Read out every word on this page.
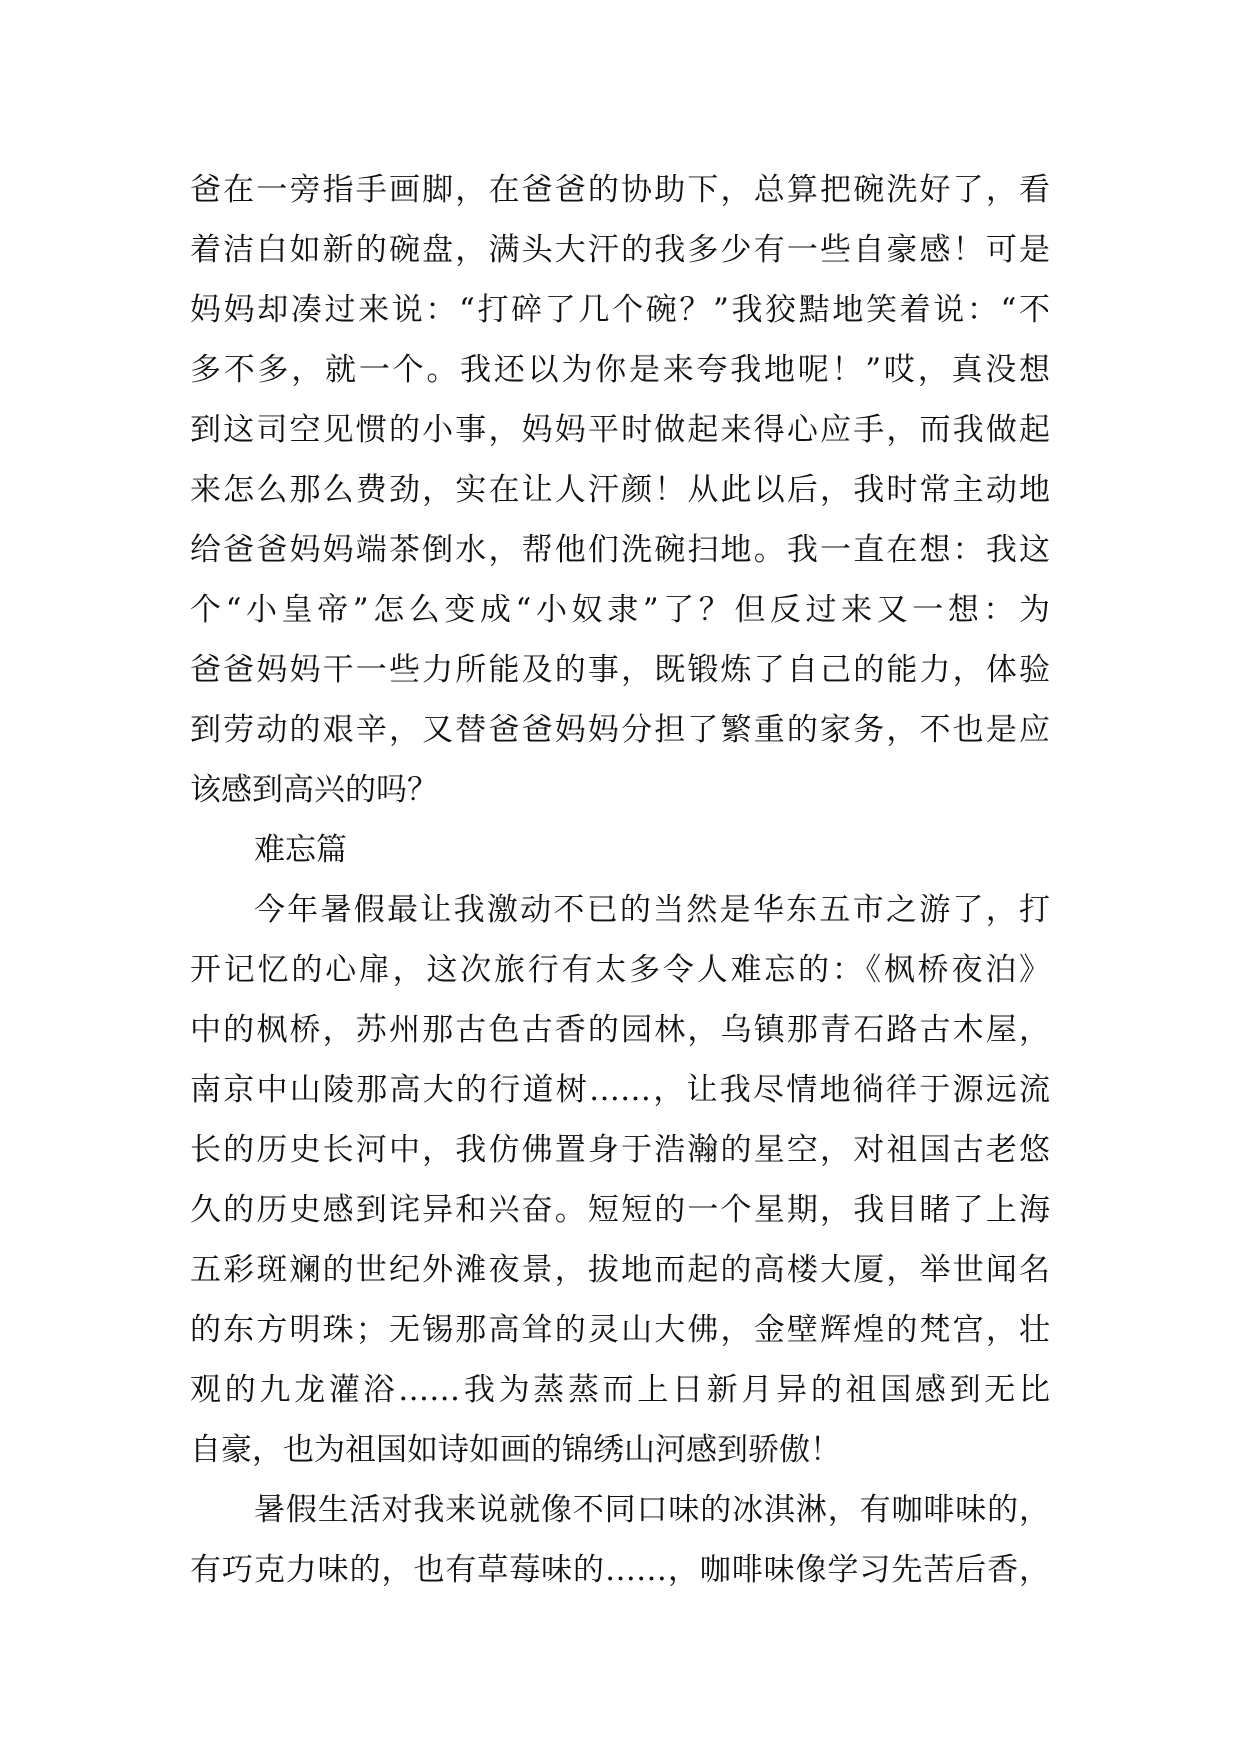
爸在一旁指手画脚，在爸爸的协助下，总算把碗洗好了，看
着洁白如新的碗盘，满头大汗的我多少有一些自豪感！可是
妈妈却凑过来说：“打碎了几个碗？”我狡黠地笑着说：“不
多不多，就一个。我还以为你是来夸我地呢！”哎，真没想
到这司空见惯的小事，妈妈平时做起来得心应手，而我做起
来怎么那么费劲，实在让人汗颜！从此以后，我时常主动地
给爸爸妈妈端茶倒水，帮他们洗碗扫地。我一直在想：我这
个“小皇帝”怎么变成“小奴隶”了？但反过来又一想：为
爸爸妈妈干一些力所能及的事，既锻炼了自己的能力，体验
到劳动的艰辛，又替爸爸妈妈分担了繁重的家务，不也是应
该感到高兴的吗？
难忘篇
今年暑假最让我激动不已的当然是华东五市之游了，打
开记忆的心扉，这次旅行有太多令人难忘的：《枫桥夜泊》
中的枫桥，苏州那古色古香的园林，乌镇那青石路古木屋，
南京中山陵那高大的行道树……，让我尽情地徜徉于源远流
长的历史长河中，我仿佛置身于浩瀚的星空，对祖国古老悠
久的历史感到诧异和兴奋。短短的一个星期，我目睹了上海
五彩斑斓的世纪外滩夜景，拔地而起的高楼大厦，举世闻名
的东方明珠；无锡那高耸的灵山大佛，金壁辉煌的梵宫，壮
观的九龙灌浴……我为蒸蒸而上日新月异的祖国感到无比
自豪，也为祖国如诗如画的锦绣山河感到骄傲！
暑假生活对我来说就像不同口味的冰淇淋，有咖啡味的，
有巧克力味的，也有草莓味的……，咖啡味像学习先苦后香，
